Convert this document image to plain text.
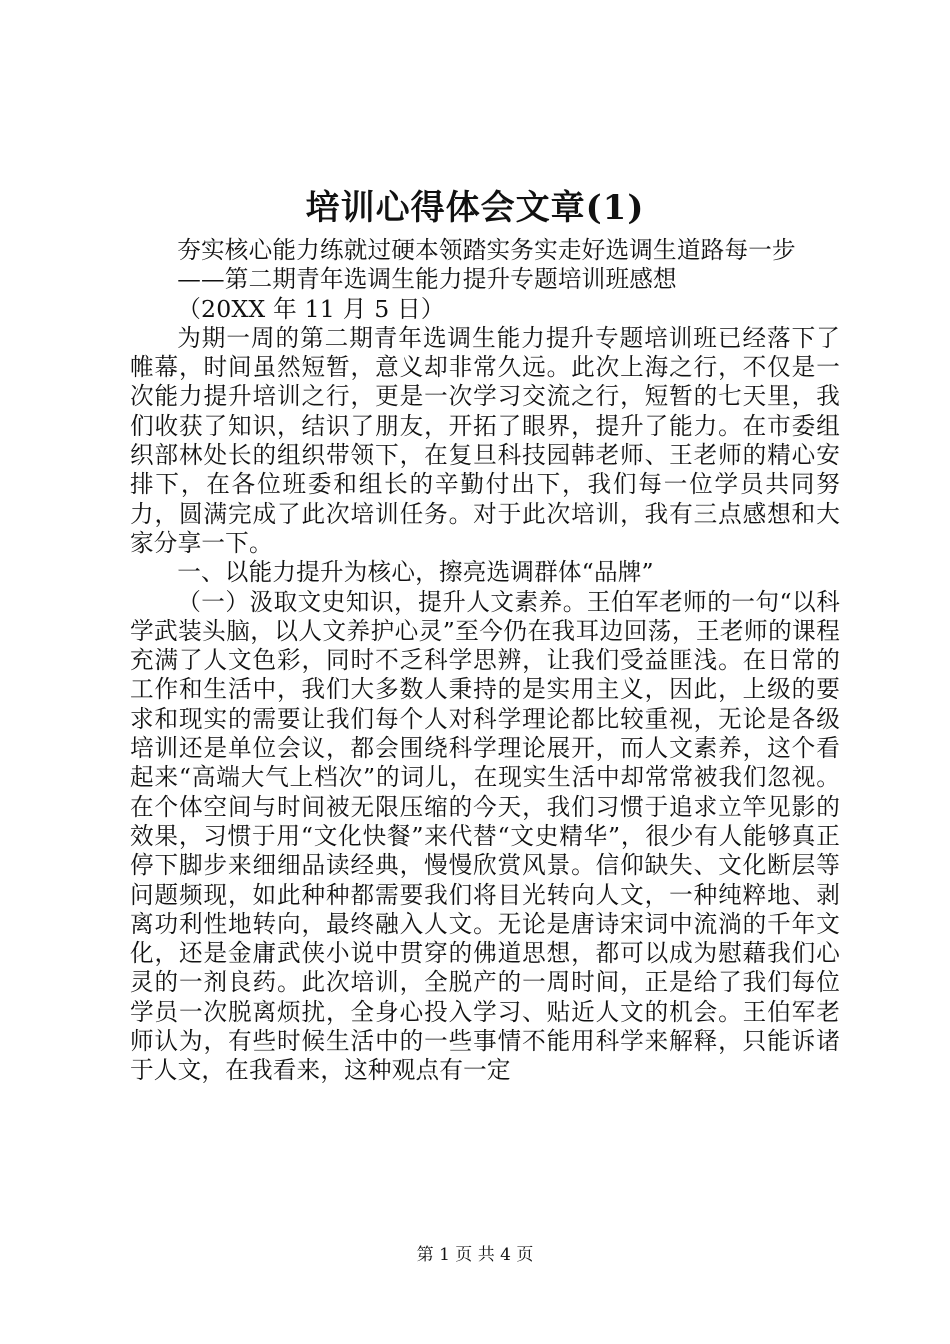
培训心得体会文章(1)

夯实核心能力练就过硬本领踏实务实走好选调生道路每一步

——第二期青年选调生能力提升专题培训班感想

（20XX 年 11 月 5 日）

为期一周的第二期青年选调生能力提升专题培训班已经落下了帷幕，时间虽然短暂，意义却非常久远。此次上海之行，不仅是一次能力提升培训之行，更是一次学习交流之行，短暂的七天里，我们收获了知识，结识了朋友，开拓了眼界，提升了能力。在市委组织部林处长的组织带领下，在复旦科技园韩老师、王老师的精心安排下，在各位班委和组长的辛勤付出下，我们每一位学员共同努力，圆满完成了此次培训任务。对于此次培训，我有三点感想和大家分享一下。

一、以能力提升为核心，擦亮选调群体“品牌”

（一）汲取文史知识，提升人文素养。王伯军老师的一句“以科学武装头脑，以人文养护心灵”至今仍在我耳边回荡，王老师的课程充满了人文色彩，同时不乏科学思辨，让我们受益匪浅。在日常的工作和生活中，我们大多数人秉持的是实用主义，因此，上级的要求和现实的需要让我们每个人对科学理论都比较重视，无论是各级培训还是单位会议，都会围绕科学理论展开，而人文素养，这个看起来“高端大气上档次”的词儿，在现实生活中却常常被我们忽视。在个体空间与时间被无限压缩的今天，我们习惯于追求立竿见影的效果，习惯于用“文化快餐”来代替“文史精华”，很少有人能够真正停下脚步来细细品读经典，慢慢欣赏风景。信仰缺失、文化断层等问题频现，如此种种都需要我们将目光转向人文，一种纯粹地、剥离功利性地转向，最终融入人文。无论是唐诗宋词中流淌的千年文化，还是金庸武侠小说中贯穿的佛道思想，都可以成为慰藉我们心灵的一剂良药。此次培训，全脱产的一周时间，正是给了我们每位学员一次脱离烦扰，全身心投入学习、贴近人文的机会。王伯军老师认为，有些时候生活中的一些事情不能用科学来解释，只能诉诸于人文，在我看来，这种观点有一定

第 1 页 共 4 页
